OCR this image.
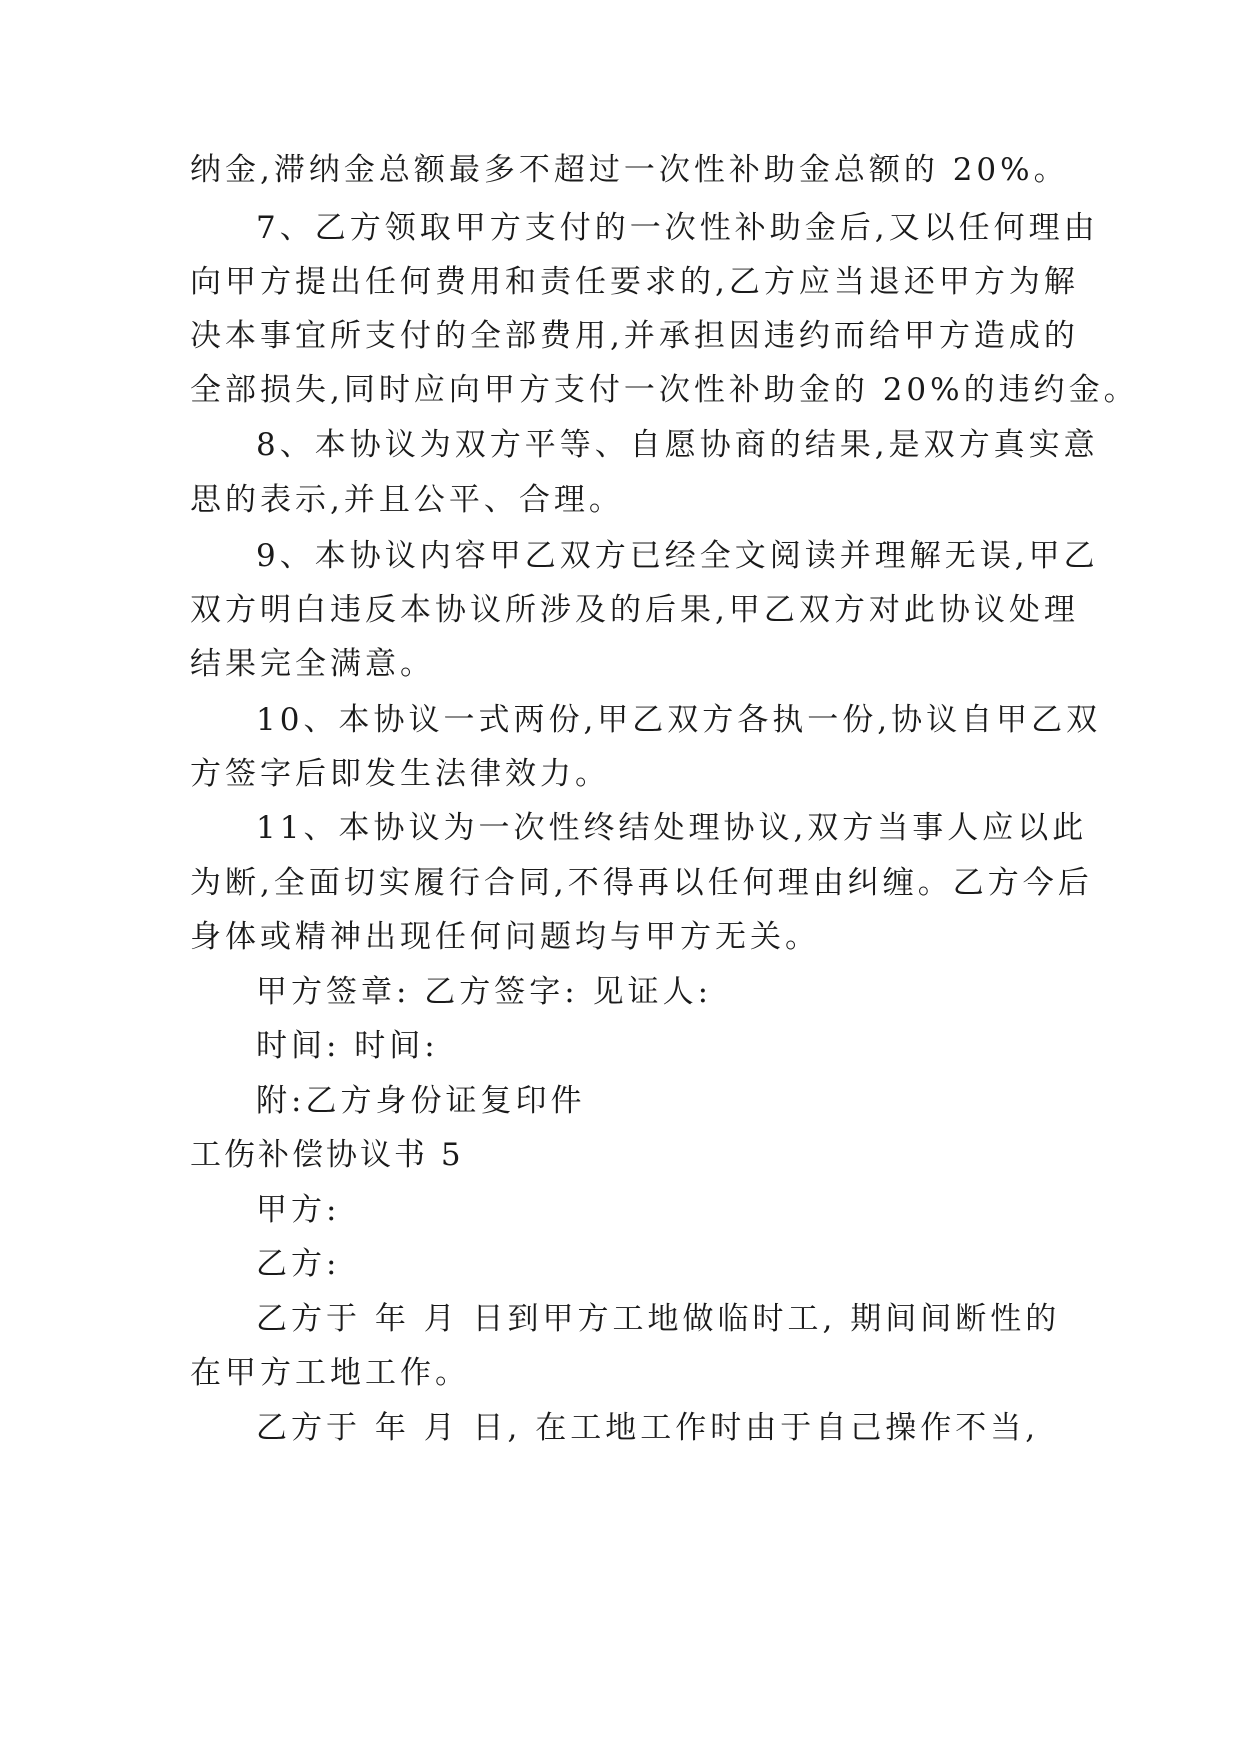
纳金,滞纳金总额最多不超过一次性补助金总额的 20%。
7、乙方领取甲方支付的一次性补助金后,又以任何理由
向甲方提出任何费用和责任要求的,乙方应当退还甲方为解
决本事宜所支付的全部费用,并承担因违约而给甲方造成的
全部损失,同时应向甲方支付一次性补助金的 20%的违约金。
8、本协议为双方平等、自愿协商的结果,是双方真实意
思的表示,并且公平、合理。
9、本协议内容甲乙双方已经全文阅读并理解无误,甲乙
双方明白违反本协议所涉及的后果,甲乙双方对此协议处理
结果完全满意。
10、本协议一式两份,甲乙双方各执一份,协议自甲乙双
方签字后即发生法律效力。
11、本协议为一次性终结处理协议,双方当事人应以此
为断,全面切实履行合同,不得再以任何理由纠缠。乙方今后
身体或精神出现任何问题均与甲方无关。
甲方签章: 乙方签字: 见证人:
时间: 时间:
附:乙方身份证复印件
工伤补偿协议书 5
甲方:
乙方:
乙方于 年 月 日到甲方工地做临时工, 期间间断性的
在甲方工地工作。
乙方于 年 月 日, 在工地工作时由于自己操作不当,
